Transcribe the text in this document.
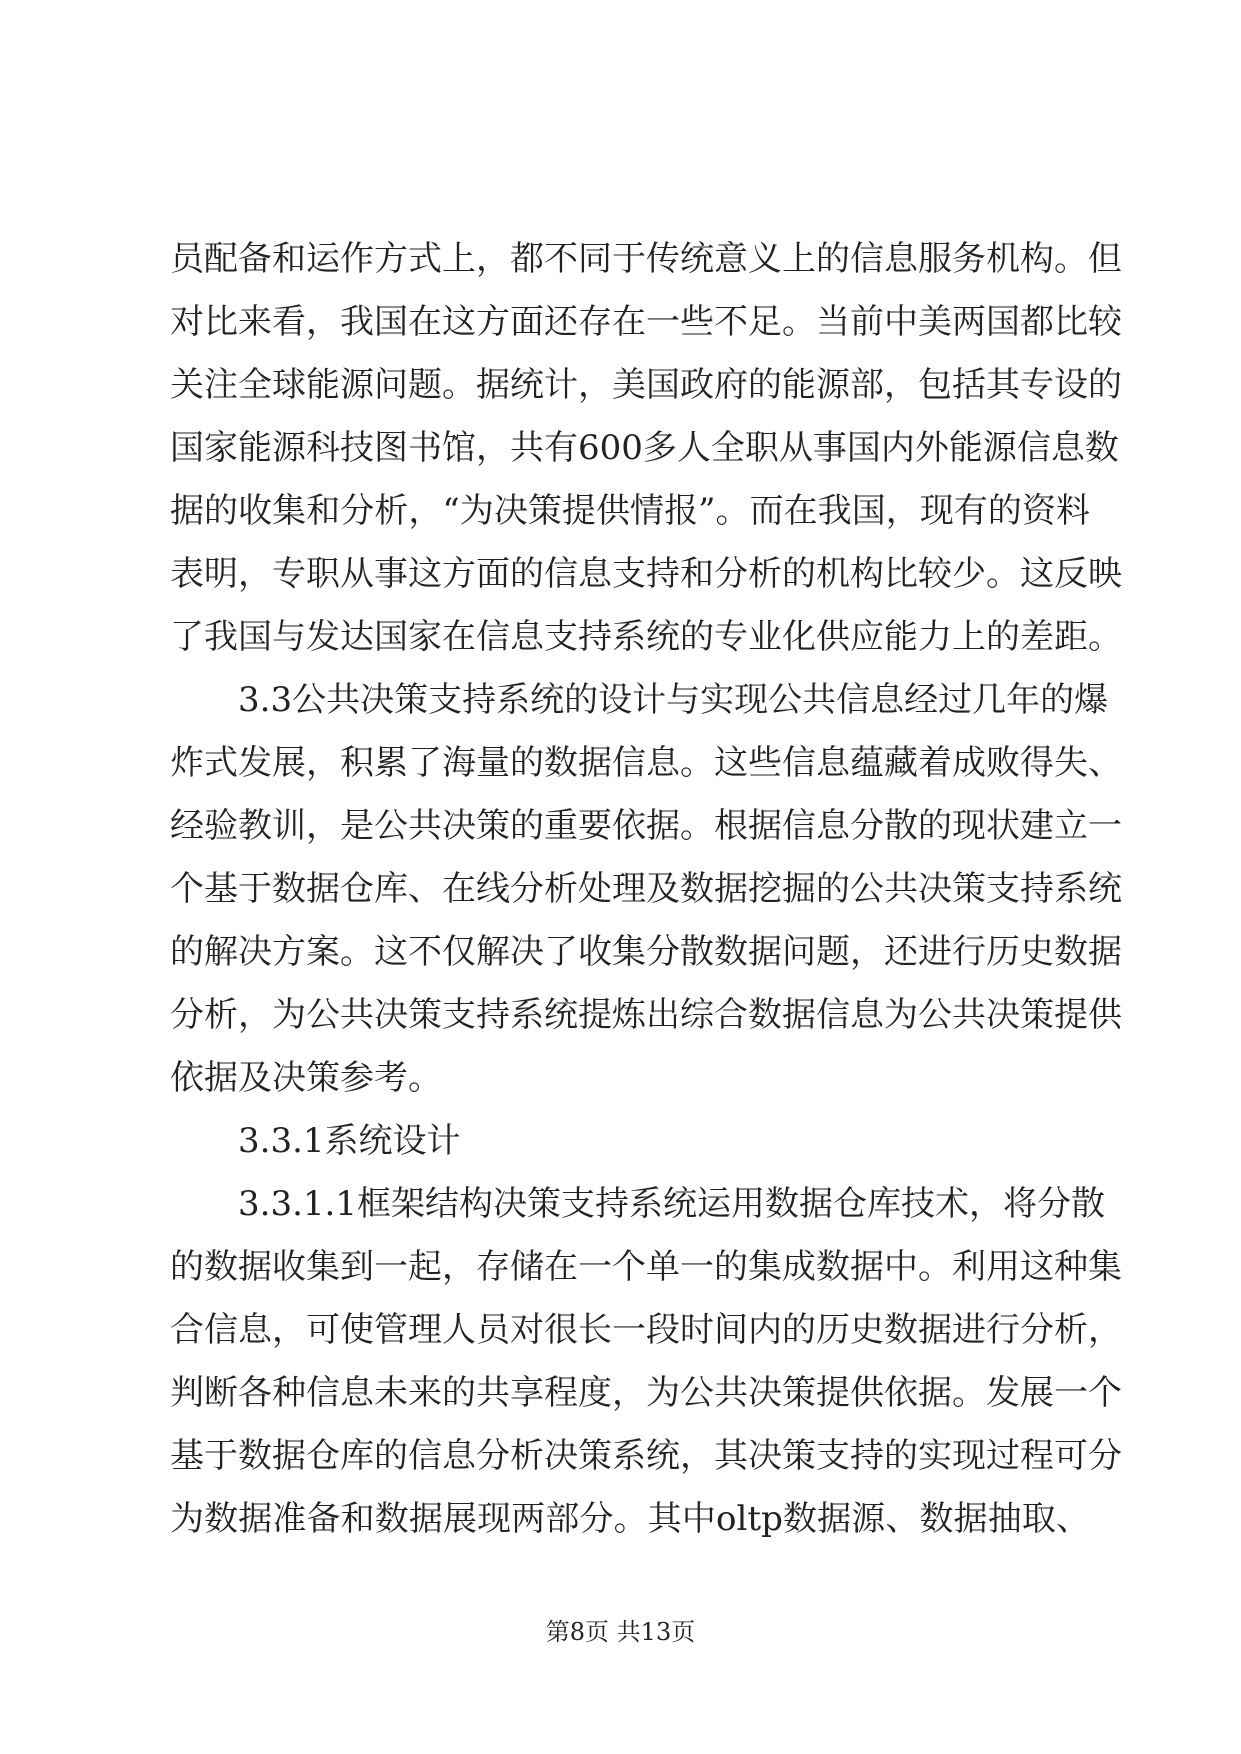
员配备和运作方式上，都不同于传统意义上的信息服务机构。但
对比来看，我国在这方面还存在一些不足。当前中美两国都比较
关注全球能源问题。据统计，美国政府的能源部，包括其专设的
国家能源科技图书馆，共有600多人全职从事国内外能源信息数
据的收集和分析，“为决策提供情报”。而在我国，现有的资料
表明，专职从事这方面的信息支持和分析的机构比较少。这反映
了我国与发达国家在信息支持系统的专业化供应能力上的差距。
3.3公共决策支持系统的设计与实现公共信息经过几年的爆
炸式发展，积累了海量的数据信息。这些信息蕴藏着成败得失、
经验教训，是公共决策的重要依据。根据信息分散的现状建立一
个基于数据仓库、在线分析处理及数据挖掘的公共决策支持系统
的解决方案。这不仅解决了收集分散数据问题，还进行历史数据
分析，为公共决策支持系统提炼出综合数据信息为公共决策提供
依据及决策参考。
3.3.1系统设计
3.3.1.1框架结构决策支持系统运用数据仓库技术，将分散
的数据收集到一起，存储在一个单一的集成数据中。利用这种集
合信息，可使管理人员对很长一段时间内的历史数据进行分析，
判断各种信息未来的共享程度，为公共决策提供依据。发展一个
基于数据仓库的信息分析决策系统，其决策支持的实现过程可分
为数据准备和数据展现两部分。其中oltp数据源、数据抽取、
第8页 共13页
